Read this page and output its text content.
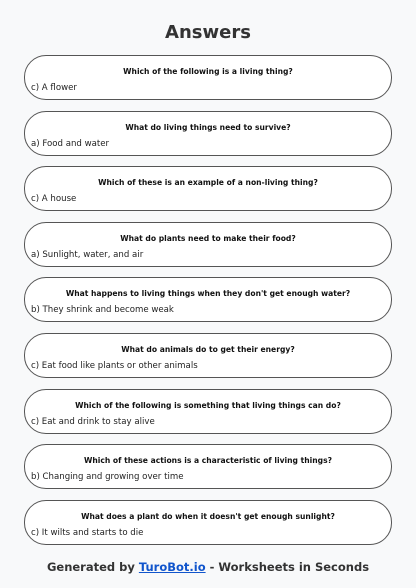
Answers
Which of the following is a living thing?
c) A flower
What do living things need to survive?
a) Food and water
Which of these is an example of a non-living thing?
c) A house
What do plants need to make their food?
a) Sunlight, water, and air
What happens to living things when they don't get enough water?
b) They shrink and become weak
What do animals do to get their energy?
c) Eat food like plants or other animals
Which of the following is something that living things can do?
c) Eat and drink to stay alive
Which of these actions is a characteristic of living things?
b) Changing and growing over time
What does a plant do when it doesn't get enough sunlight?
c) It wilts and starts to die
Generated by TuroBot.io - Worksheets in Seconds
